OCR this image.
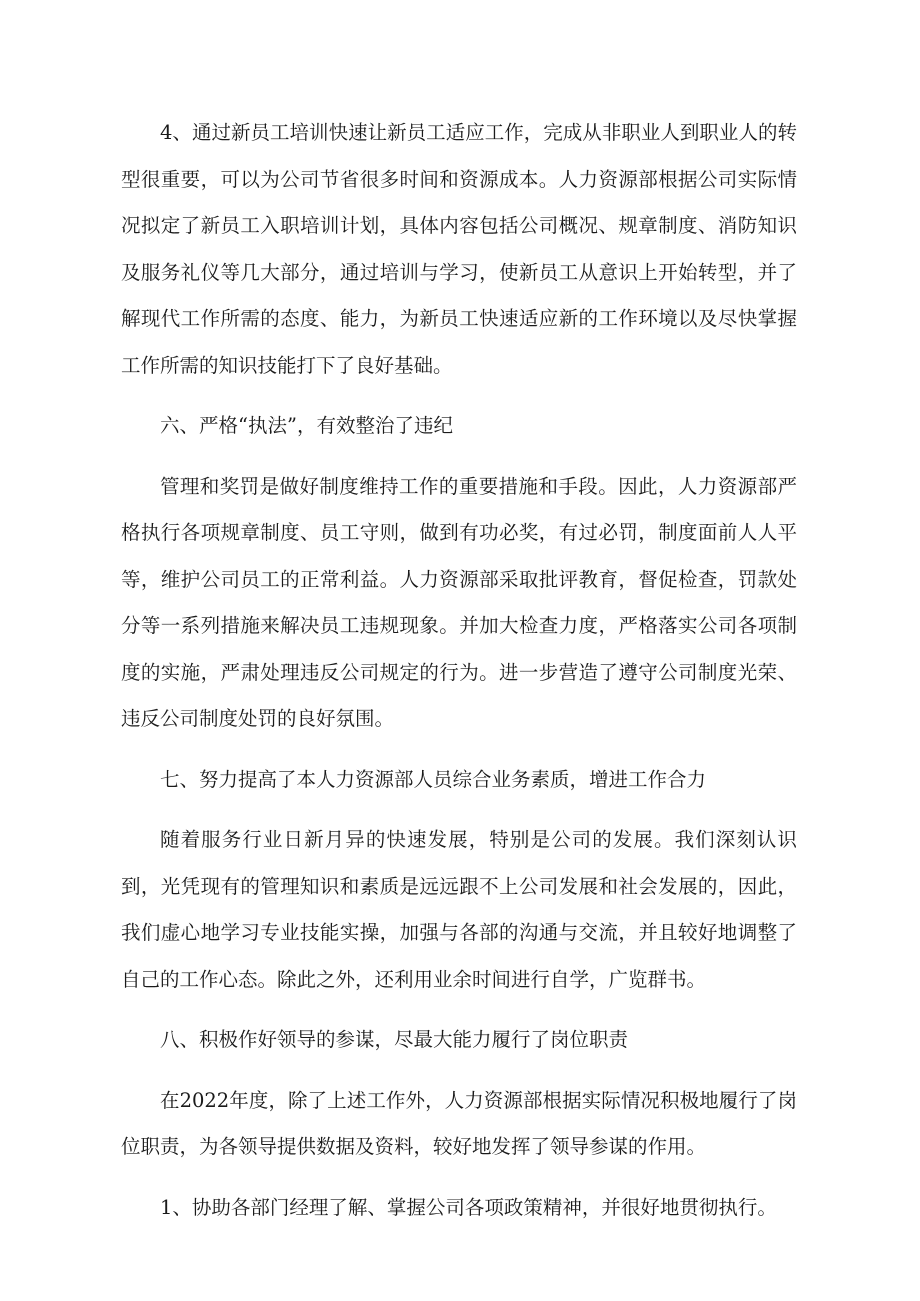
4、通过新员工培训快速让新员工适应工作，完成从非职业人到职业人的转型很重要，可以为公司节省很多时间和资源成本。人力资源部根据公司实际情况拟定了新员工入职培训计划，具体内容包括公司概况、规章制度、消防知识及服务礼仪等几大部分，通过培训与学习，使新员工从意识上开始转型，并了解现代工作所需的态度、能力，为新员工快速适应新的工作环境以及尽快掌握工作所需的知识技能打下了良好基础。

六、严格“执法”，有效整治了违纪

管理和奖罚是做好制度维持工作的重要措施和手段。因此，人力资源部严格执行各项规章制度、员工守则，做到有功必奖，有过必罚，制度面前人人平等，维护公司员工的正常利益。人力资源部采取批评教育，督促检查，罚款处分等一系列措施来解决员工违规现象。并加大检查力度，严格落实公司各项制度的实施，严肃处理违反公司规定的行为。进一步营造了遵守公司制度光荣、违反公司制度处罚的良好氛围。

七、努力提高了本人力资源部人员综合业务素质，增进工作合力

随着服务行业日新月异的快速发展，特别是公司的发展。我们深刻认识到，光凭现有的管理知识和素质是远远跟不上公司发展和社会发展的，因此，我们虚心地学习专业技能实操，加强与各部的沟通与交流，并且较好地调整了自己的工作心态。除此之外，还利用业余时间进行自学，广览群书。

八、积极作好领导的参谋，尽最大能力履行了岗位职责

在2022年度，除了上述工作外，人力资源部根据实际情况积极地履行了岗位职责，为各领导提供数据及资料，较好地发挥了领导参谋的作用。

1、协助各部门经理了解、掌握公司各项政策精神，并很好地贯彻执行。
